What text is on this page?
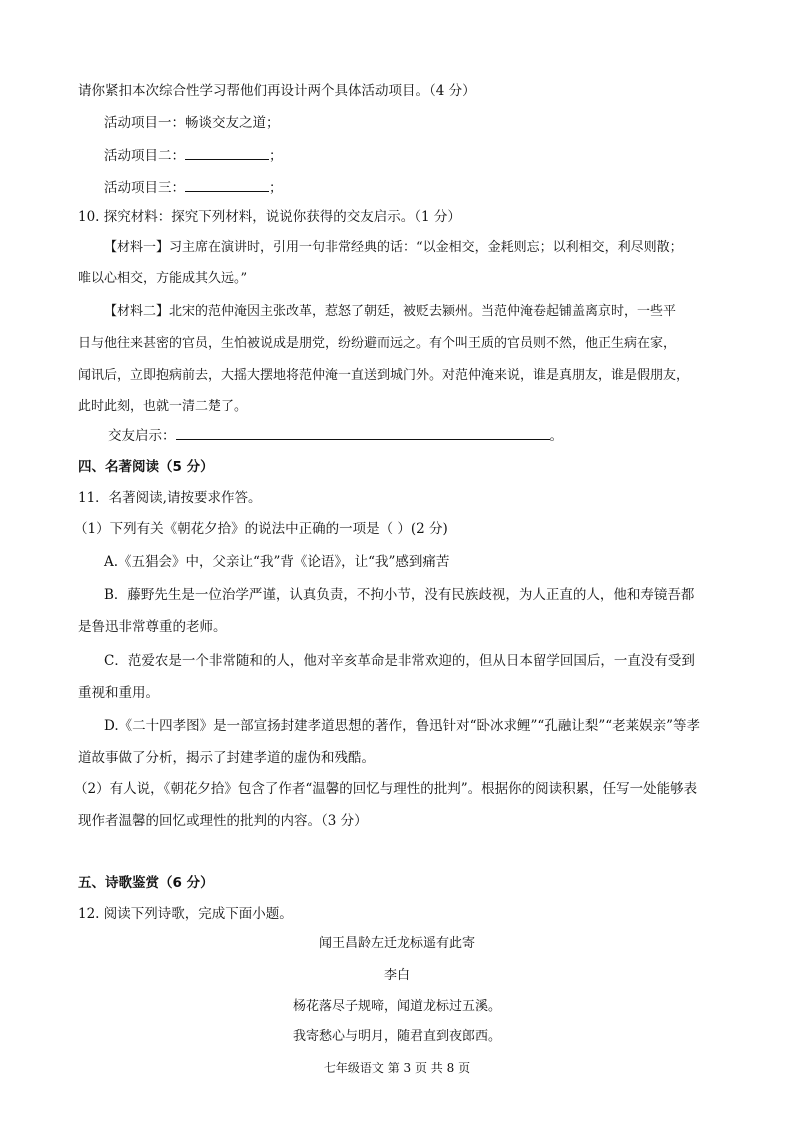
请你紧扣本次综合性学习帮他们再设计两个具体活动项目。（4 分）
活动项目一：畅谈交友之道；
活动项目二：	；
活动项目三：	；
10. 探究材料：探究下列材料，说说你获得的交友启示。（1 分）
【材料一】习主席在演讲时，引用一句非常经典的话：“以金相交，金耗则忘；以利相交，利尽则散；
唯以心相交，方能成其久远。”
【材料二】北宋的范仲淹因主张改革，惹怒了朝廷，被贬去颍州。当范仲淹卷起铺盖离京时，一些平
日与他往来甚密的官员，生怕被说成是朋党，纷纷避而远之。有个叫王质的官员则不然，他正生病在家，
闻讯后，立即抱病前去，大摇大摆地将范仲淹一直送到城门外。对范仲淹来说，谁是真朋友，谁是假朋友，
此时此刻，也就一清二楚了。
交友启示：	。
四、名著阅读（5 分）
11．名著阅读,请按要求作答。
（1）下列有关《朝花夕拾》的说法中正确的一项是（ ）(2 分)
A.《五猖会》中，父亲让“我”背《论语》，让“我”感到痛苦
B．藤野先生是一位治学严谨，认真负责，不拘小节，没有民族歧视，为人正直的人，他和寿镜吾都
是鲁迅非常尊重的老师。
C．范爱农是一个非常随和的人，他对辛亥革命是非常欢迎的，但从日本留学回国后，一直没有受到
重视和重用。
D.《二十四孝图》是一部宣扬封建孝道思想的著作，鲁迅针对“卧冰求鲤”“孔融让梨”“老莱娱亲”等孝
道故事做了分析，揭示了封建孝道的虚伪和残酷。
（2）有人说，《朝花夕拾》包含了作者“温馨的回忆与理性的批判”。根据你的阅读积累，任写一处能够表
现作者温馨的回忆或理性的批判的内容。（3 分）
五、诗歌鉴赏（6 分）
12. 阅读下列诗歌，完成下面小题。
闻王昌龄左迁龙标遥有此寄
李白
杨花落尽子规啼，闻道龙标过五溪。
我寄愁心与明月，随君直到夜郎西。
七年级语文 第 3 页 共 8 页
